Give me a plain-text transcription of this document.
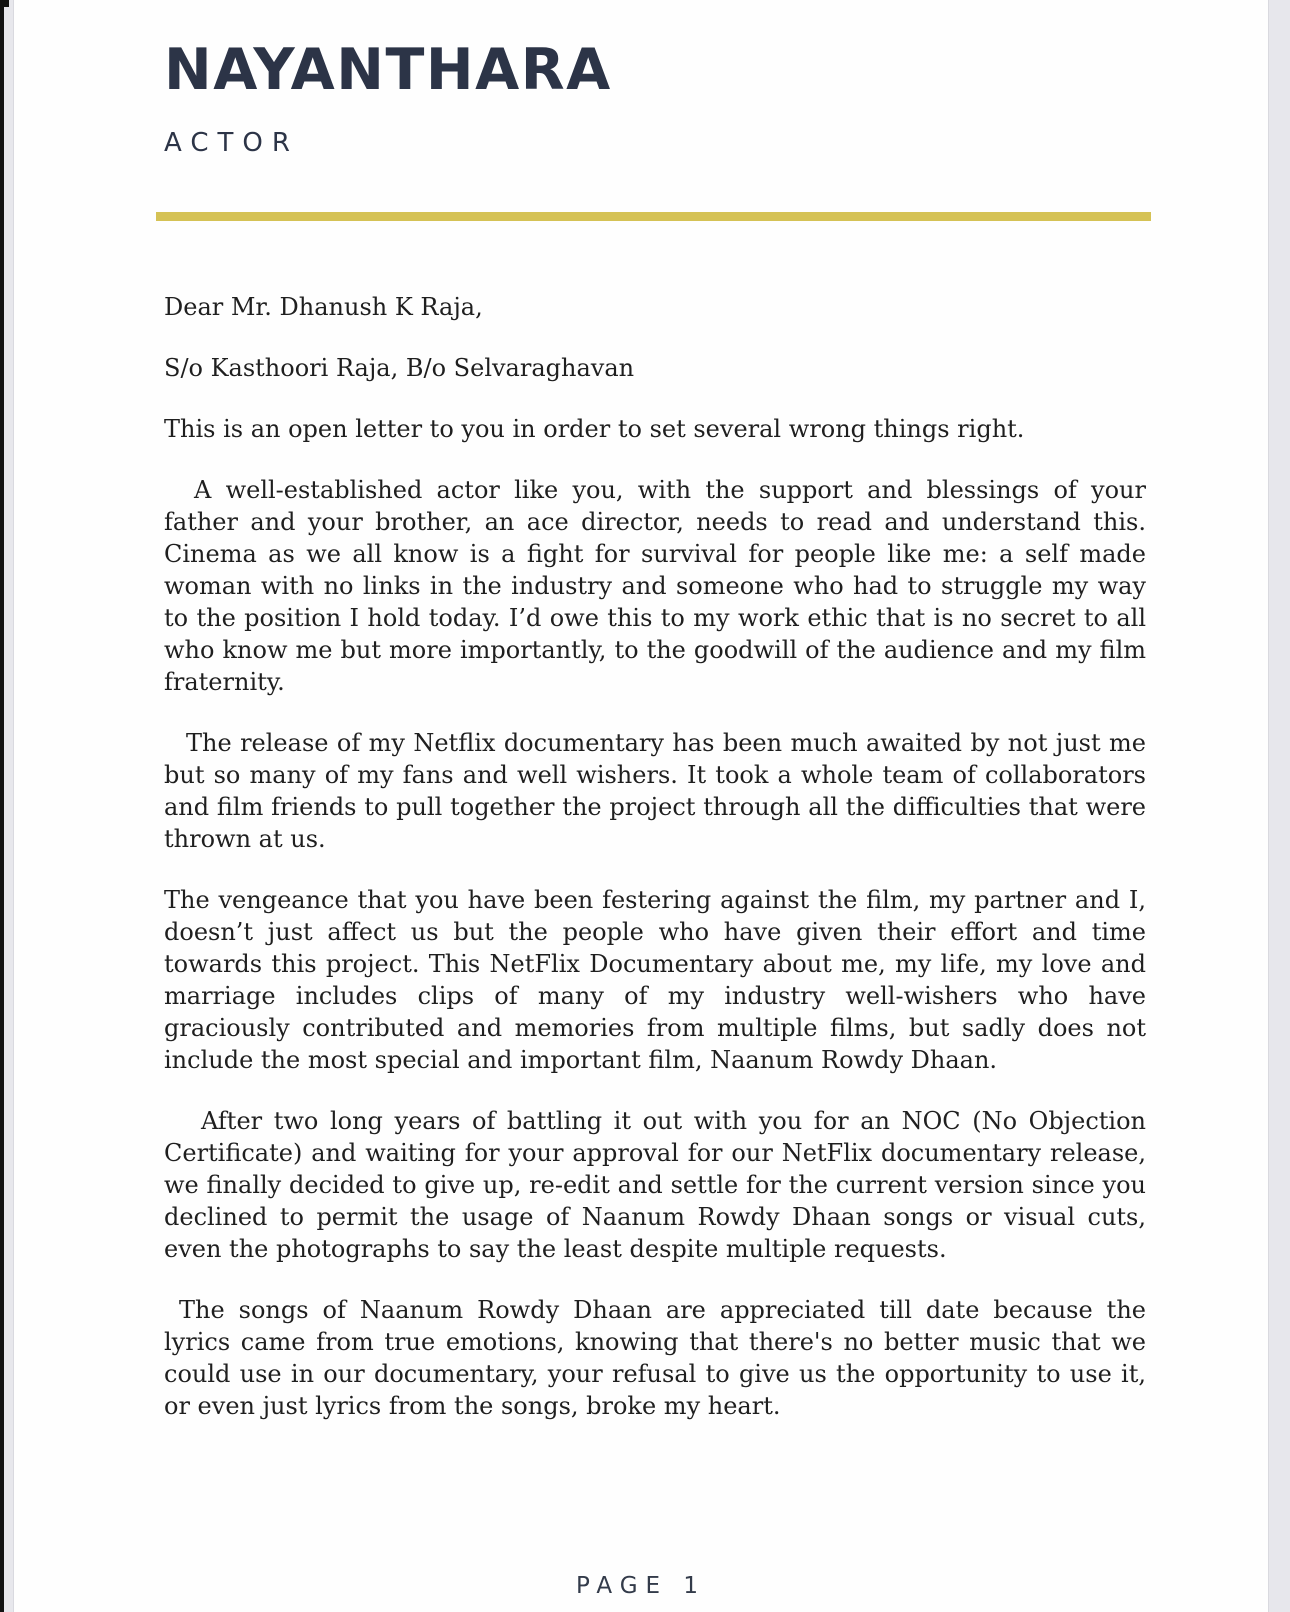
NAYANTHARA
ACTOR

Dear Mr. Dhanush K Raja,

S/o Kasthoori Raja, B/o Selvaraghavan

This is an open letter to you in order to set several wrong things right.

A well-established actor like you, with the support and blessings of your father and your brother, an ace director, needs to read and understand this. Cinema as we all know is a fight for survival for people like me: a self made woman with no links in the industry and someone who had to struggle my way to the position I hold today. I’d owe this to my work ethic that is no secret to all who know me but more importantly, to the goodwill of the audience and my film fraternity.

The release of my Netflix documentary has been much awaited by not just me but so many of my fans and well wishers. It took a whole team of collaborators and film friends to pull together the project through all the difficulties that were thrown at us.

The vengeance that you have been festering against the film, my partner and I, doesn’t just affect us but the people who have given their effort and time towards this project. This NetFlix Documentary about me, my life, my love and marriage includes clips of many of my industry well-wishers who have graciously contributed and memories from multiple films, but sadly does not include the most special and important film, Naanum Rowdy Dhaan.

After two long years of battling it out with you for an NOC (No Objection Certificate) and waiting for your approval for our NetFlix documentary release, we finally decided to give up, re-edit and settle for the current version since you declined to permit the usage of Naanum Rowdy Dhaan songs or visual cuts, even the photographs to say the least despite multiple requests.

The songs of Naanum Rowdy Dhaan are appreciated till date because the lyrics came from true emotions, knowing that there's no better music that we could use in our documentary, your refusal to give us the opportunity to use it, or even just lyrics from the songs, broke my heart.

PAGE 1
